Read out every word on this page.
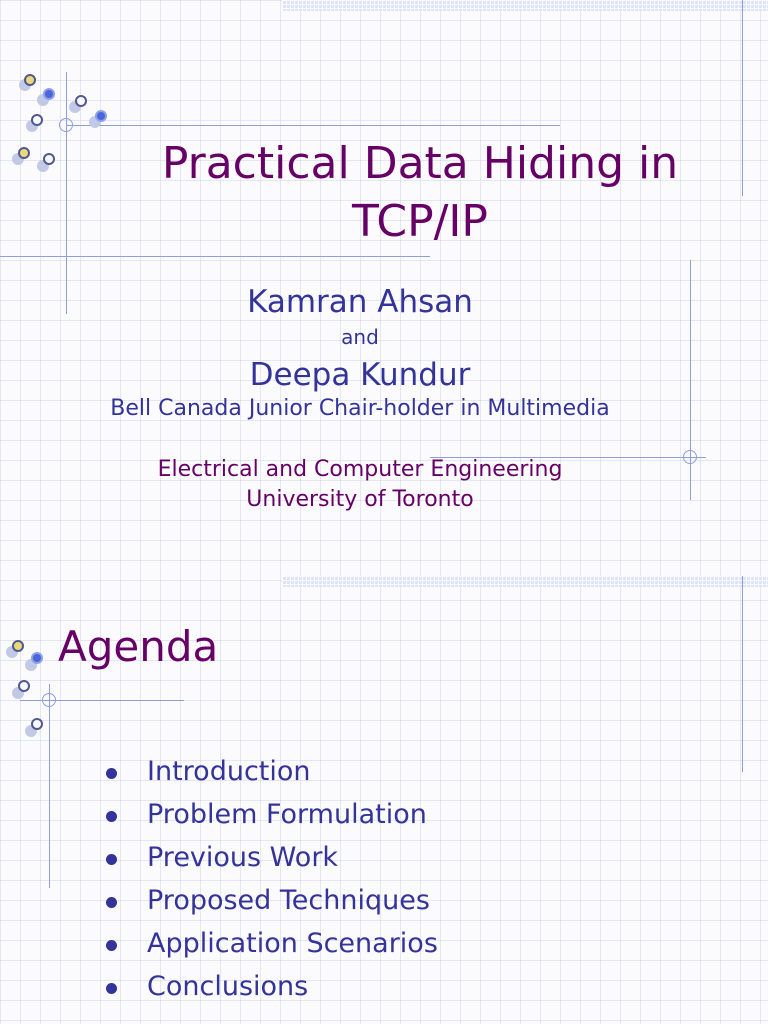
Practical Data Hiding in
TCP/IP

Kamran Ahsan

and

Deepa Kundur

Bell Canada Junior Chair-holder in Multimedia

Electrical and Computer Engineering

University of Toronto

Agenda
Introduction
Problem Formulation
Previous Work
Proposed Techniques
Application Scenarios
Conclusions
